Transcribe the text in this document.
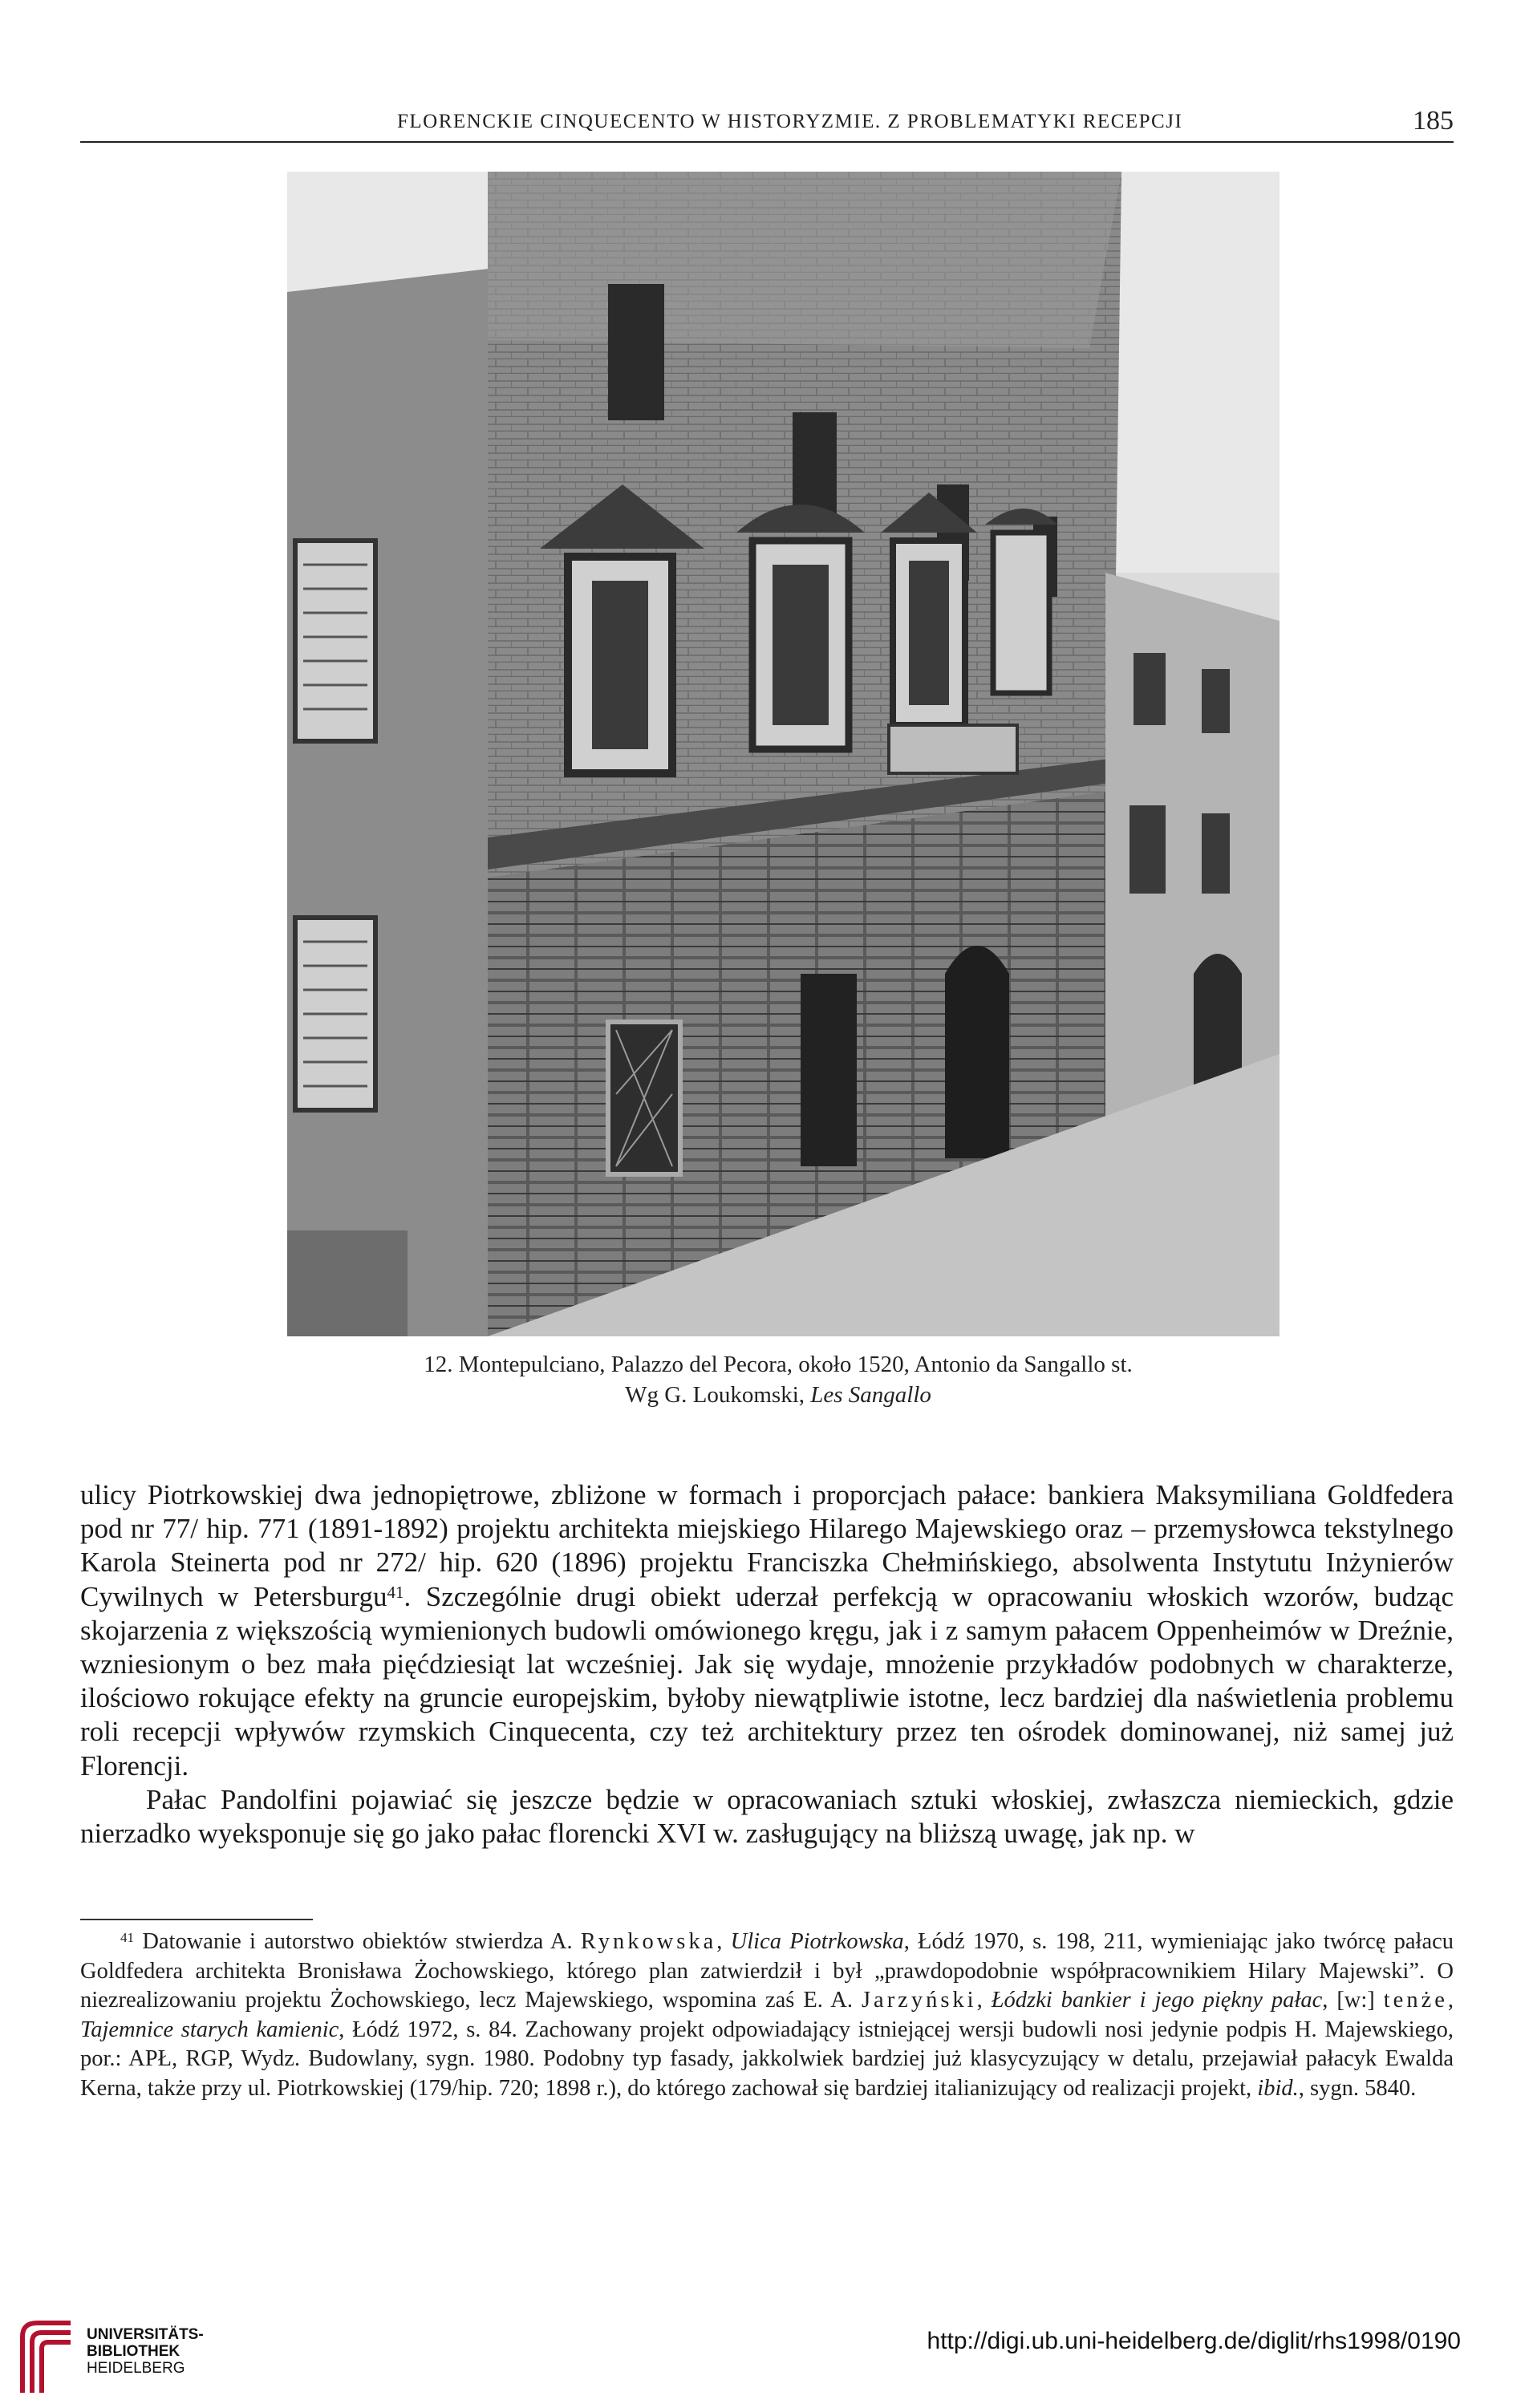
FLORENCKIE CINQUECENTO W HISTORYZMIE. Z PROBLEMATYKI RECEPCJI	185
12. Montepulciano, Palazzo del Pecora, około 1520, Antonio da Sangallo st.
Wg G. Loukomski, Les Sangallo

ulicy Piotrkowskiej dwa jednopiętrowe, zbliżone w formach i proporcjach pałace: bankiera Maksymiliana Goldfedera pod nr 77/ hip. 771 (1891-1892) projektu architekta miejskiego Hilarego Majewskiego oraz – przemysłowca tekstylnego Karola Steinerta pod nr 272/ hip. 620 (1896) projektu Franciszka Chełmińskiego, absolwenta Instytutu Inżynierów Cywilnych w Petersburgu$^{41}$. Szczególnie drugi obiekt uderzał perfekcją w opracowaniu włoskich wzorów, budząc skojarzenia z większością wymienionych budowli omówionego kręgu, jak i z samym pałacem Oppenheimów w Dreźnie, wzniesionym o bez mała pięćdziesiąt lat wcześniej. Jak się wydaje, mnożenie przykładów podobnych w charakterze, ilościowo rokujące efekty na gruncie europejskim, byłoby niewątpliwie istotne, lecz bardziej dla naświetlenia problemu roli recepcji wpływów rzymskich Cinquecenta, czy też architektury przez ten ośrodek dominowanej, niż samej już Florencji.

Pałac Pandolfini pojawiać się jeszcze będzie w opracowaniach sztuki włoskiej, zwłaszcza niemieckich, gdzie nierzadko wyeksponuje się go jako pałac florencki XVI w. zasługujący na bliższą uwagę, jak np. w

$^{41}$ Datowanie i autorstwo obiektów stwierdza A. Rynkowska, Ulica Piotrkowska, Łódź 1970, s. 198, 211, wymieniając jako twórcę pałacu Goldfedera architekta Bronisława Żochowskiego, którego plan zatwierdził i był „prawdopodobnie współpracownikiem Hilary Majewski”. O niezrealizowaniu projektu Żochowskiego, lecz Majewskiego, wspomina zaś E. A. Jarzyński, Łódzki bankier i jego piękny pałac, [w:] tenże, Tajemnice starych kamienic, Łódź 1972, s. 84. Zachowany projekt odpowiadający istniejącej wersji budowli nosi jedynie podpis H. Majewskiego, por.: APŁ, RGP, Wydz. Budowlany, sygn. 1980. Podobny typ fasady, jakkolwiek bardziej już klasycyzujący w detalu, przejawiał pałacyk Ewalda Kerna, także przy ul. Piotrkowskiej (179/hip. 720; 1898 r.), do którego zachował się bardziej italianizujący od realizacji projekt, ibid., sygn. 5840.

UNIVERSITÄTS-
BIBLIOTHEK
HEIDELBERG
http://digi.ub.uni-heidelberg.de/diglit/rhs1998/0190
